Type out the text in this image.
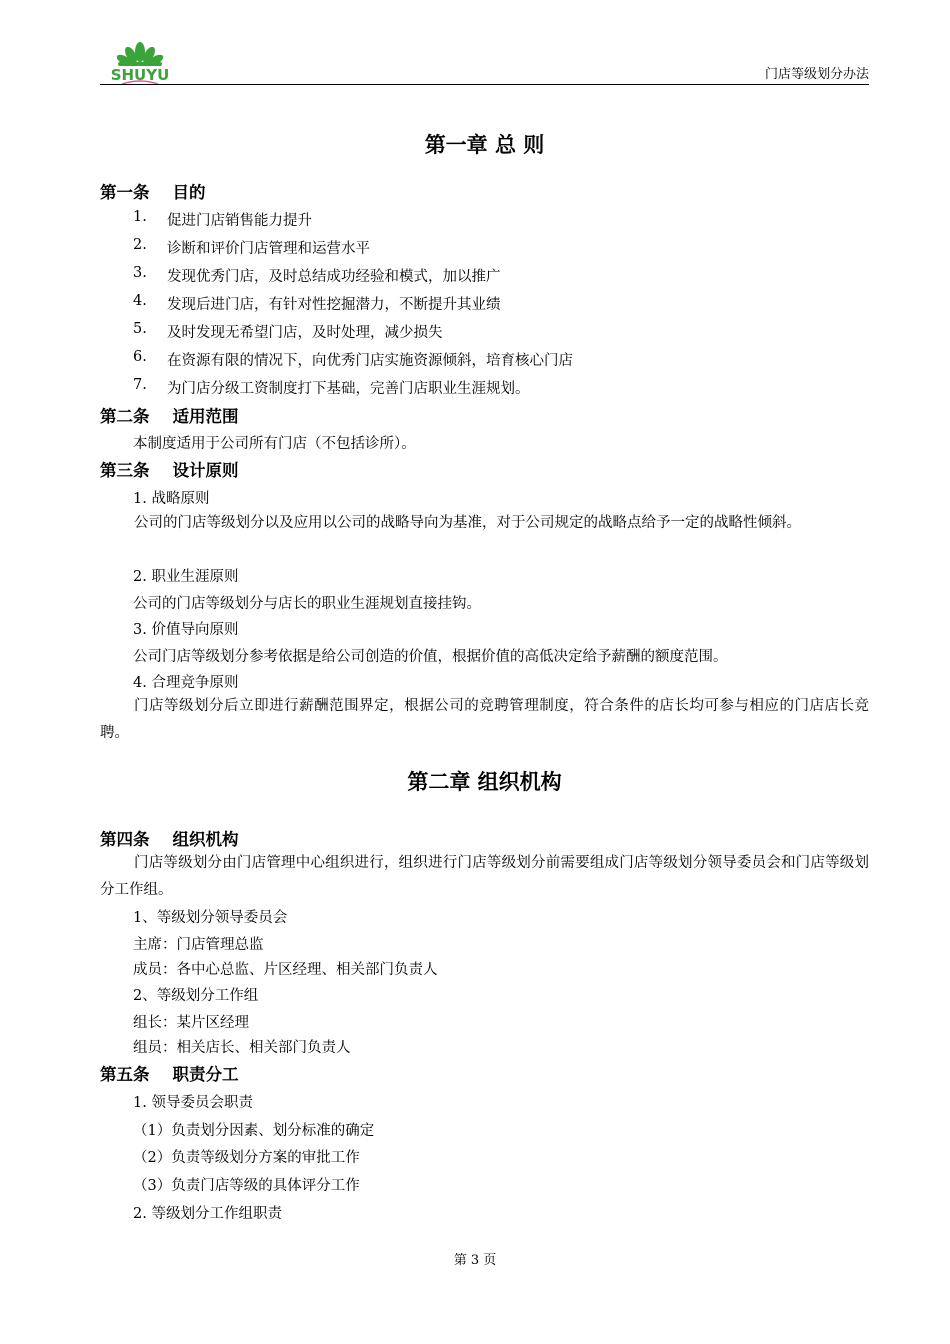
SHUYU	门店等级划分办法
第一章 总 则
第一条    目的
1. 促进门店销售能力提升
2. 诊断和评价门店管理和运营水平
3. 发现优秀门店，及时总结成功经验和模式，加以推广
4. 发现后进门店，有针对性挖掘潜力，不断提升其业绩
5. 及时发现无希望门店，及时处理，减少损失
6. 在资源有限的情况下，向优秀门店实施资源倾斜，培育核心门店
7. 为门店分级工资制度打下基础，完善门店职业生涯规划。
第二条    适用范围
本制度适用于公司所有门店（不包括诊所）。
第三条    设计原则
1. 战略原则
公司的门店等级划分以及应用以公司的战略导向为基准，对于公司规定的战略点给予一定的战略性倾斜。
2. 职业生涯原则
公司的门店等级划分与店长的职业生涯规划直接挂钩。
3. 价值导向原则
公司门店等级划分参考依据是给公司创造的价值，根据价值的高低决定给予薪酬的额度范围。
4. 合理竞争原则
门店等级划分后立即进行薪酬范围界定，根据公司的竞聘管理制度，符合条件的店长均可参与相应的门店店长竞聘。
第二章 组织机构
第四条    组织机构
门店等级划分由门店管理中心组织进行，组织进行门店等级划分前需要组成门店等级划分领导委员会和门店等级划分工作组。
1、等级划分领导委员会
主席：门店管理总监
成员：各中心总监、片区经理、相关部门负责人
2、等级划分工作组
组长：某片区经理
组员：相关店长、相关部门负责人
第五条    职责分工
1. 领导委员会职责
（1）负责划分因素、划分标准的确定
（2）负责等级划分方案的审批工作
（3）负责门店等级的具体评分工作
2. 等级划分工作组职责
第 3 页
